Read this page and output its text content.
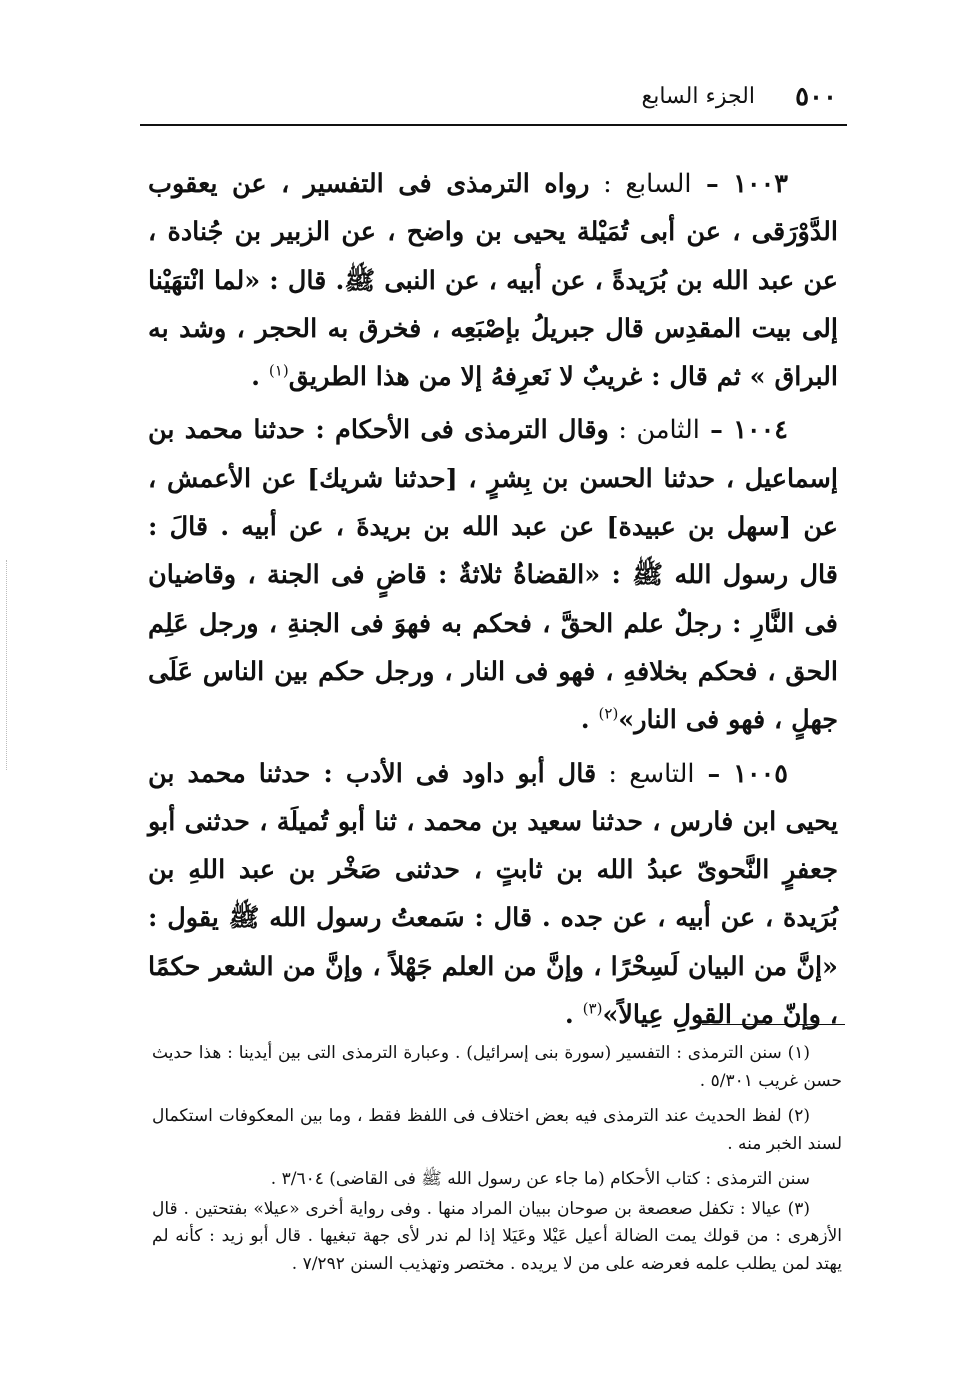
٥٠٠
الجزء السابع

١٠٠٣ – السابع : رواه الترمذى فى التفسير ، عن يعقوب الدَّوْرَقى ، عن أبى تُمَيْلة يحيى بن واضح ، عن الزبير بن جُنادة ، عن عبد الله بن بُرَيدةً ، عن أبيه ، عن النبى ﷺ. قال : «لما انْتهَيْنا إلى بيت المقدِس قال جبريلُ بإصْبَعِه ، فخرق به الحجر ، وشد به البراق » ثم قال : غريبٌ لا نَعرِفهُ إلا من هذا الطريق$^{(١)}$ .

١٠٠٤ – الثامن : وقال الترمذى فى الأحكام : حدثنا محمد بن إسماعيل ، حدثنا الحسن بن بِشرٍ ، [حدثنا شريك] عن الأعمش ، عن [سهل بن عبيدة] عن عبد الله بن بريدةَ ، عن أبيه . قالَ : قال رسول الله ﷺ : «القضاةُ ثلاثةٌ : قاضٍ فى الجنة ، وقاضيان فى النَّارِ : رجلٌ علم الحقَّ ، فحكم به فهوَ فى الجنةِ ، ورجل عَلِم الحق ، فحكم بخلافهِ ، فهو فى النار ، ورجل حكم بين الناس عَلَى جهلٍ ، فهو فى النار»$^{(٢)}$ .

١٠٠٥ – التاسع : قال أبو داود فى الأدب : حدثنا محمد بن يحيى ابن فارس ، حدثنا سعيد بن محمد ، ثنا أبو تُميلَة ، حدثنى أبو جعفرٍ النَّحوىّ عبدُ الله بن ثابتٍ ، حدثنى صَخْر بن عبد اللهِ بن بُرَيدة ، عن أبيه ، عن جده . قال : سَمعتُ رسول الله ﷺ يقول : «إنَّ من البيان لَسِحْرًا ، وإنَّ من العلم جَهْلاً ، وإنَّ من الشعر حكمًا ، وإنّ من القولِ عِيالاً»$^{(٣)}$ .

(١) سنن الترمذى : التفسير (سورة بنى إسرائيل) . وعبارة الترمذى التى بين أيدينا : هذا حديث حسن غريب ٥/٣٠١ .

(٢) لفظ الحديث عند الترمذى فيه بعض اختلاف فى اللفظ فقط ، وما بين المعكوفات استكمال لسند الخبر منه .

سنن الترمذى : كتاب الأحكام (ما جاء عن رسول الله ﷺ فى القاضى) ٣/٦٠٤ .

(٣) عيالا : تكفل صعصعة بن صوحان ببيان المراد منها . وفى رواية أخرى «عيلا» بفتحتين . قال الأزهرى : من قولك يمت الضالة أعيل عَيْلا وعَيَلا إذا لم ندر لأى جهة تبغيها . قال أبو زيد : كأنه لم يهتد لمن يطلب علمه فعرضه على من لا يريده . مختصر وتهذيب السنن ٧/٢٩٢ .
